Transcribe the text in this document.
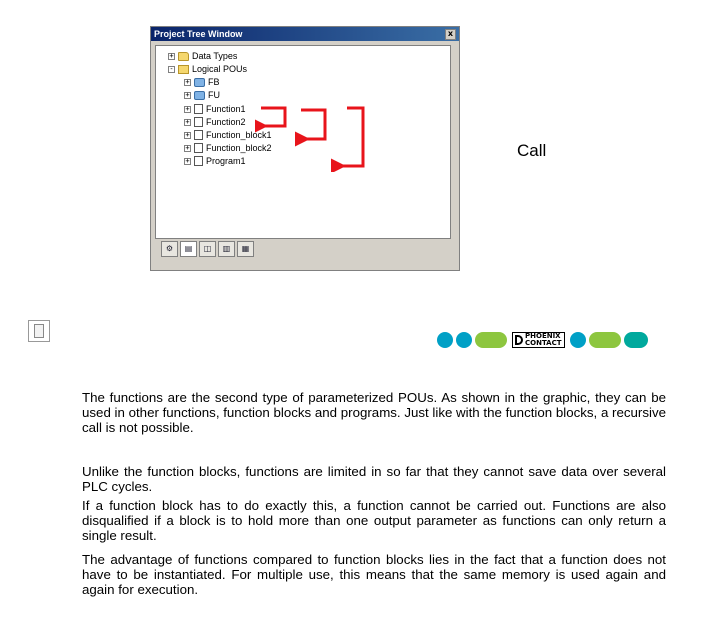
Project Tree Window	x
+ Data Types
- Logical POUs
+ FB
+ FU
+ Function1
+ Function2
+ Function_block1
+ Function_block2
+ Program1
⚙	▤	◫	▥	▦
Call
PHOENIX
CONTACT

The functions are the second type of parameterized POUs. As shown in the graphic, they can be used in other functions, function blocks and programs. Just like with the function blocks, a recursive call is not possible.

Unlike the function blocks, functions are limited in so far that they cannot save data over several PLC cycles.

If a function block has to do exactly this, a function cannot be carried out. Functions are also disqualified if a block is to hold more than one output parameter as functions can only return a single result.

The advantage of functions compared to function blocks lies in the fact that a function does not have to be instantiated. For multiple use, this means that the same memory is used again and again for execution.
